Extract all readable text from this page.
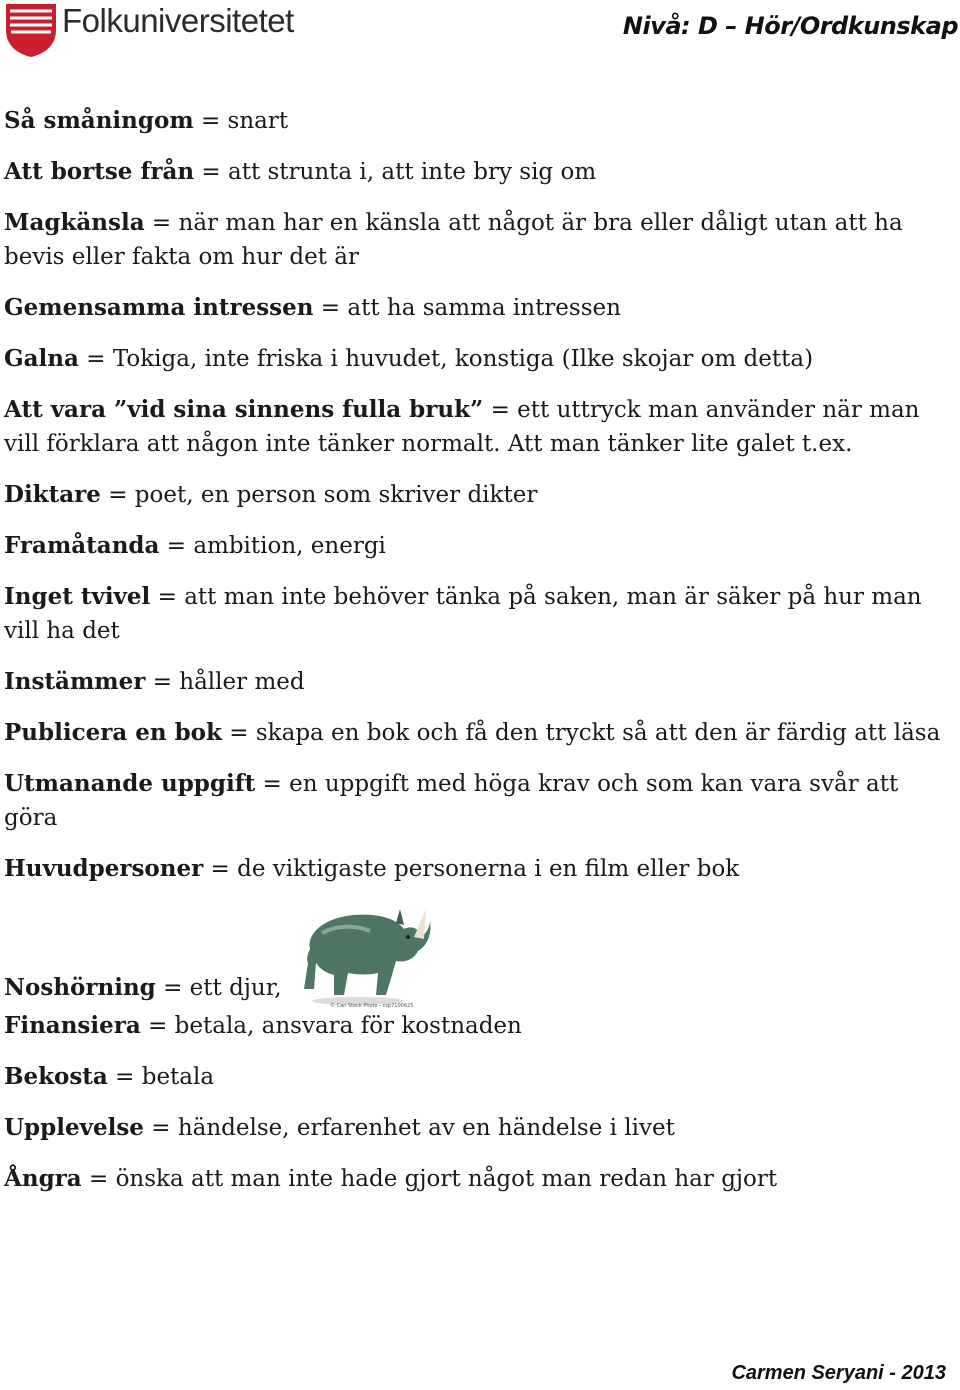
Folkuniversitetet	Nivå: D – Hör/Ordkunskap
Så småningom = snart
Att bortse från = att strunta i, att inte bry sig om
Magkänsla = när man har en känsla att något är bra eller dåligt utan att ha bevis eller fakta om hur det är
Gemensamma intressen = att ha samma intressen
Galna = Tokiga, inte friska i huvudet, konstiga (Ilke skojar om detta)
Att vara ”vid sina sinnens fulla bruk” = ett uttryck man använder när man vill förklara att någon inte tänker normalt. Att man tänker lite galet t.ex.
Diktare = poet, en person som skriver dikter
Framåtanda = ambition, energi
Inget tvivel = att man inte behöver tänka på saken, man är säker på hur man vill ha det
Instämmer = håller med
Publicera en bok = skapa en bok och få den tryckt så att den är färdig att läsa
Utmanande uppgift = en uppgift med höga krav och som kan vara svår att göra
Huvudpersoner = de viktigaste personerna i en film eller bok
© Can Stock Photo - csp7100625
Noshörning = ett djur,
Finansiera = betala, ansvara för kostnaden
Bekosta = betala
Upplevelse = händelse, erfarenhet av en händelse i livet
Ångra = önska att man inte hade gjort något man redan har gjort
Carmen Seryani - 2013
